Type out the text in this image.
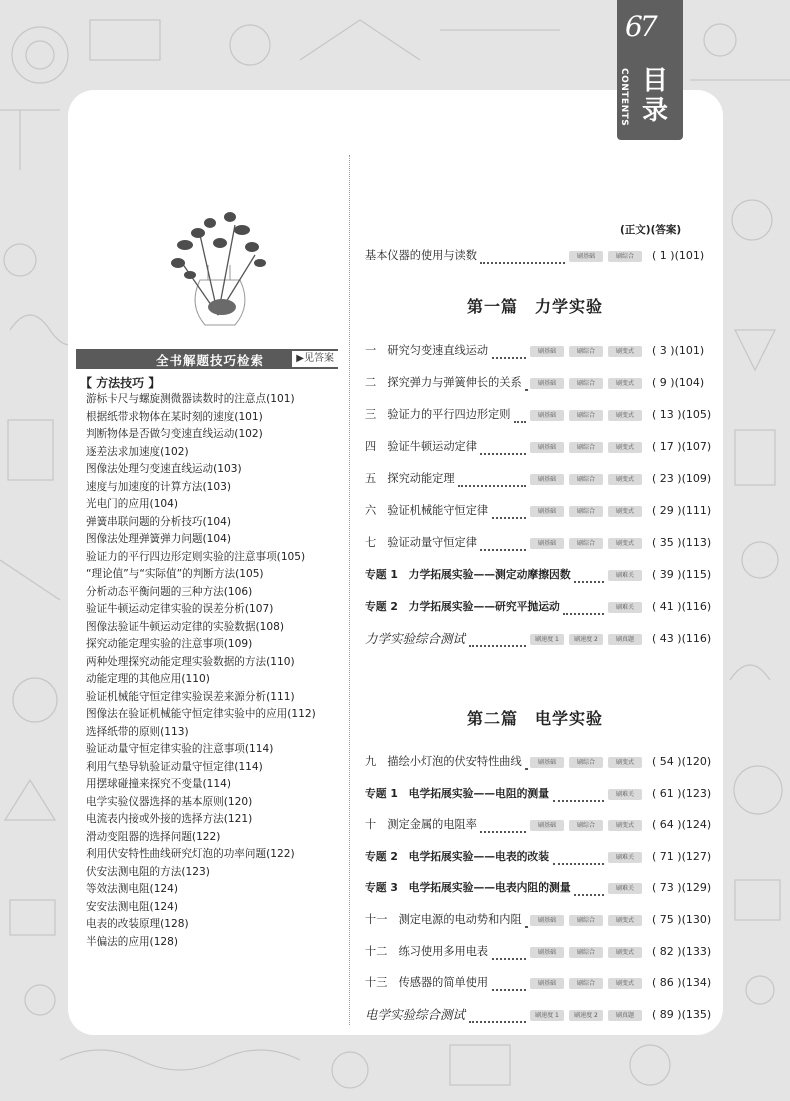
67
CONTENTS 目录
全书解题技巧检索	▶见答案
【 方法技巧 】
游标卡尺与螺旋测微器读数时的注意点(101)
根据纸带求物体在某时刻的速度(101)
判断物体是否做匀变速直线运动(102)
逐差法求加速度(102)
图像法处理匀变速直线运动(103)
速度与加速度的计算方法(103)
光电门的应用(104)
弹簧串联问题的分析技巧(104)
图像法处理弹簧弹力问题(104)
验证力的平行四边形定则实验的注意事项(105)
“理论值”与“实际值”的判断方法(105)
分析动态平衡问题的三种方法(106)
验证牛顿运动定律实验的误差分析(107)
图像法验证牛顿运动定律的实验数据(108)
探究动能定理实验的注意事项(109)
两种处理探究动能定理实验数据的方法(110)
动能定理的其他应用(110)
验证机械能守恒定律实验误差来源分析(111)
图像法在验证机械能守恒定律实验中的应用(112)
选择纸带的原则(113)
验证动量守恒定律实验的注意事项(114)
利用气垫导轨验证动量守恒定律(114)
用摆球碰撞来探究不变量(114)
电学实验仪器选择的基本原则(120)
电流表内接或外接的选择方法(121)
滑动变阻器的选择问题(122)
利用伏安特性曲线研究灯泡的功率问题(122)
伏安法测电阻的方法(123)
等效法测电阻(124)
安安法测电阻(124)
电表的改装原理(128)
半偏法的应用(128)
(正文)(答案)
基本仪器的使用与读数	刷基础	刷综合	( 1 )(101)
第一篇　力学实验
一　研究匀变速直线运动	刷基础	刷综合	刷变式	( 3 )(101)
二　探究弹力与弹簧伸长的关系	刷基础	刷综合	刷变式	( 9 )(104)
三　验证力的平行四边形定则	刷基础	刷综合	刷变式	( 13 )(105)
四　验证牛顿运动定律	刷基础	刷综合	刷变式	( 17 )(107)
五　探究动能定理	刷基础	刷综合	刷变式	( 23 )(109)
六　验证机械能守恒定律	刷基础	刷综合	刷变式	( 29 )(111)
七　验证动量守恒定律	刷基础	刷综合	刷变式	( 35 )(113)
专题 1　力学拓展实验——测定动摩擦因数	刷难关	( 39 )(115)
专题 2　力学拓展实验——研究平抛运动	刷难关	( 41 )(116)
力学实验综合测试	刷速度 1	刷速度 2	刷真题	( 43 )(116)
第二篇　电学实验
九　描绘小灯泡的伏安特性曲线	刷基础	刷综合	刷变式	( 54 )(120)
专题 1　电学拓展实验——电阻的测量	刷难关	( 61 )(123)
十　测定金属的电阻率	刷基础	刷综合	刷变式	( 64 )(124)
专题 2　电学拓展实验——电表的改装	刷难关	( 71 )(127)
专题 3　电学拓展实验——电表内阻的测量	刷难关	( 73 )(129)
十一　测定电源的电动势和内阻	刷基础	刷综合	刷变式	( 75 )(130)
十二　练习使用多用电表	刷基础	刷综合	刷变式	( 82 )(133)
十三　传感器的简单使用	刷基础	刷综合	刷变式	( 86 )(134)
电学实验综合测试	刷速度 1	刷速度 2	刷真题	( 89 )(135)
